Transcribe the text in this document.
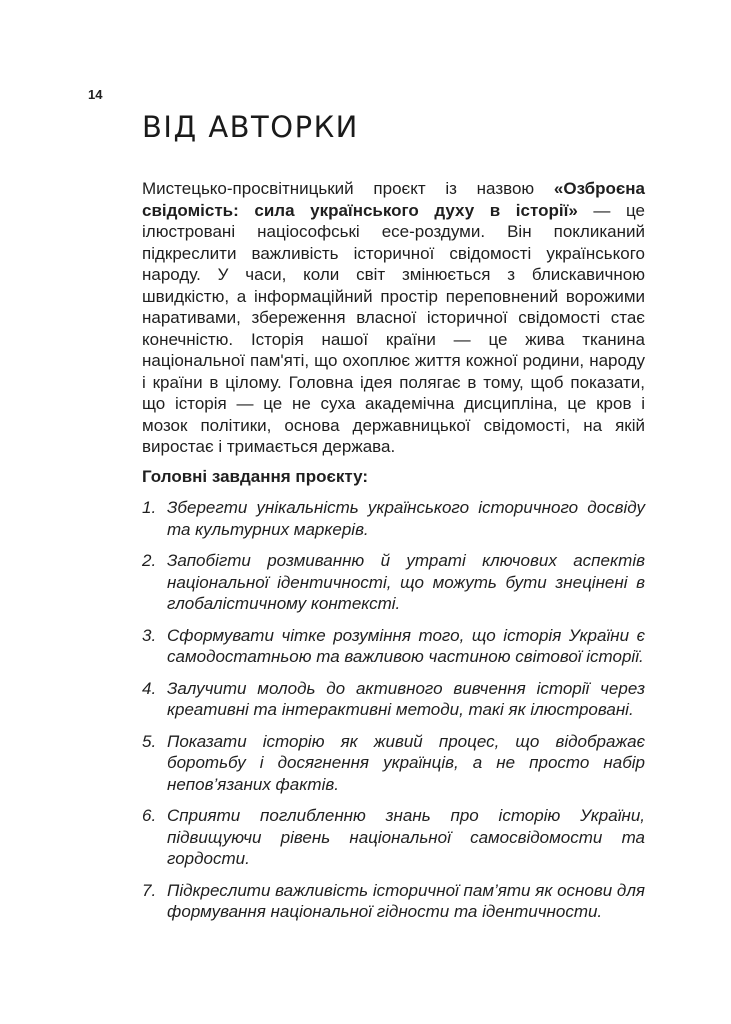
14
ВІД АВТОРКИ

Мистецько-просвітницький проєкт із назвою «Озброєна свідомість: сила українського духу в історії» — це ілюстровані націософські есе-роздуми. Він покликаний підкреслити важливість історичної свідомості українського народу. У часи, коли світ змінюється з блискавичною швидкістю, а інформаційний простір переповнений ворожими наративами, збереження власної історичної свідомості стає конечністю. Історія нашої країни — це жива тканина національної пам'яті, що охоплює життя кожної родини, народу і країни в цілому. Головна ідея полягає в тому, щоб показати, що історія — це не суха академічна дисципліна, це кров і мозок політики, основа державницької свідомості, на якій виростає і тримається держава.

Головні завдання проєкту:

1. Зберегти унікальність українського історичного досвіду та культурних маркерів.
2. Запобігти розмиванню й утраті ключових аспектів національної ідентичності, що можуть бути знецінені в глобалістичному контексті.
3. Сформувати чітке розуміння того, що історія України є самодостатньою та важливою частиною світової історії.
4. Залучити молодь до активного вивчення історії через креативні та інтерактивні методи, такі як ілюстровані.
5. Показати історію як живий процес, що відображає боротьбу і досягнення українців, а не просто набір непов’язаних фактів.
6. Сприяти поглибленню знань про історію України, підвищуючи рівень національної самосвідомости та гордости.
7. Підкреслити важливість історичної пам’яти як основи для формування національної гідности та ідентичности.
